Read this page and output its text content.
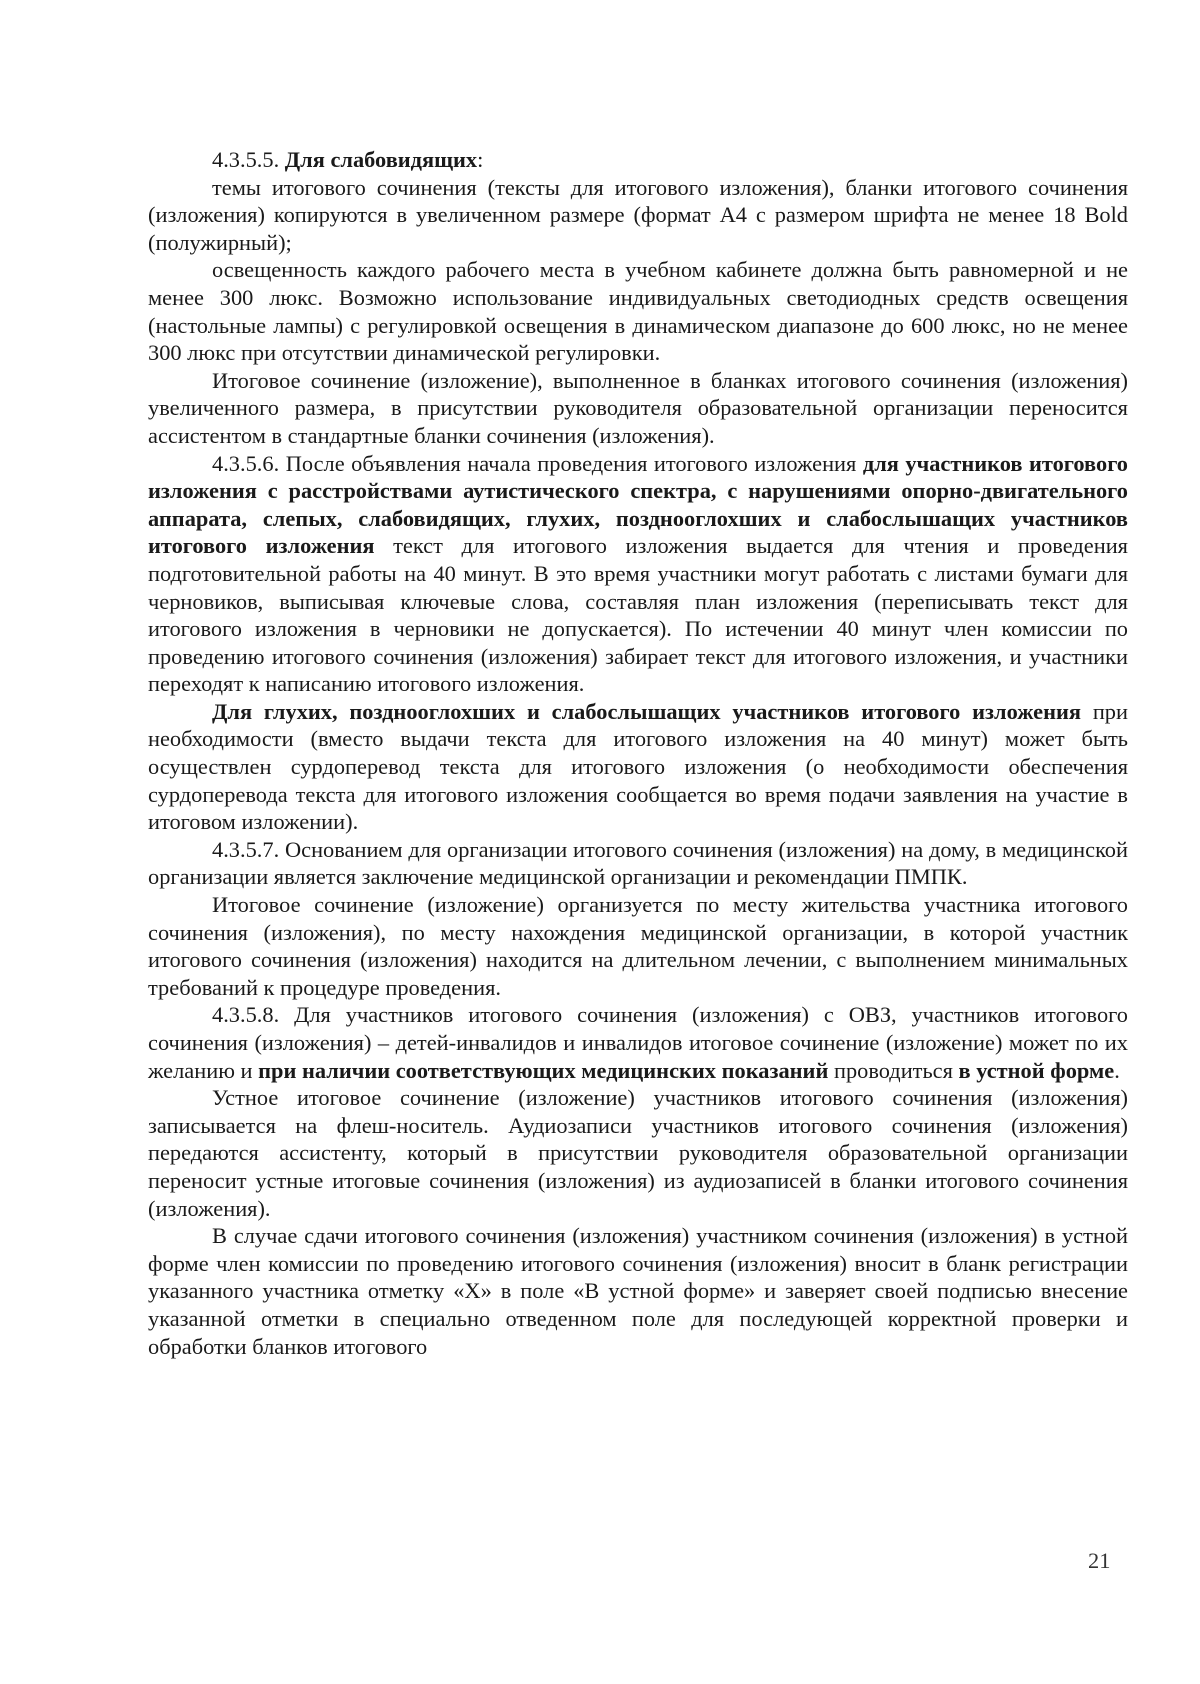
4.3.5.5. Для слабовидящих:

темы итогового сочинения (тексты для итогового изложения), бланки итогового сочинения (изложения) копируются в увеличенном размере (формат А4 с размером шрифта не менее 18 Bold (полужирный);

освещенность каждого рабочего места в учебном кабинете должна быть равномерной и не менее 300 люкс. Возможно использование индивидуальных светодиодных средств освещения (настольные лампы) с регулировкой освещения в динамическом диапазоне до 600 люкс, но не менее 300 люкс при отсутствии динамической регулировки.

Итоговое сочинение (изложение), выполненное в бланках итогового сочинения (изложения) увеличенного размера, в присутствии руководителя образовательной организации переносится ассистентом в стандартные бланки сочинения (изложения).

4.3.5.6. После объявления начала проведения итогового изложения для участников итогового изложения с расстройствами аутистического спектра, с нарушениями опорно-двигательного аппарата, слепых, слабовидящих, глухих, позднооглохших и слабослышащих участников итогового изложения текст для итогового изложения выдается для чтения и проведения подготовительной работы на 40 минут. В это время участники могут работать с листами бумаги для черновиков, выписывая ключевые слова, составляя план изложения (переписывать текст для итогового изложения в черновики не допускается). По истечении 40 минут член комиссии по проведению итогового сочинения (изложения) забирает текст для итогового изложения, и участники переходят к написанию итогового изложения.

Для глухих, позднооглохших и слабослышащих участников итогового изложения при необходимости (вместо выдачи текста для итогового изложения на 40 минут) может быть осуществлен сурдоперевод текста для итогового изложения (о необходимости обеспечения сурдоперевода текста для итогового изложения сообщается во время подачи заявления на участие в итоговом изложении).

4.3.5.7. Основанием для организации итогового сочинения (изложения) на дому, в медицинской организации является заключение медицинской организации и рекомендации ПМПК.

Итоговое сочинение (изложение) организуется по месту жительства участника итогового сочинения (изложения), по месту нахождения медицинской организации, в которой участник итогового сочинения (изложения) находится на длительном лечении, с выполнением минимальных требований к процедуре проведения.

4.3.5.8. Для участников итогового сочинения (изложения) с ОВЗ, участников итогового сочинения (изложения) – детей-инвалидов и инвалидов итоговое сочинение (изложение) может по их желанию и при наличии соответствующих медицинских показаний проводиться в устной форме.

Устное итоговое сочинение (изложение) участников итогового сочинения (изложения) записывается на флеш-носитель. Аудиозаписи участников итогового сочинения (изложения) передаются ассистенту, который в присутствии руководителя образовательной организации переносит устные итоговые сочинения (изложения) из аудиозаписей в бланки итогового сочинения (изложения).

В случае сдачи итогового сочинения (изложения) участником сочинения (изложения) в устной форме член комиссии по проведению итогового сочинения (изложения) вносит в бланк регистрации указанного участника отметку «Х» в поле «В устной форме» и заверяет своей подписью внесение указанной отметки в специально отведенном поле для последующей корректной проверки и обработки бланков итогового

21
